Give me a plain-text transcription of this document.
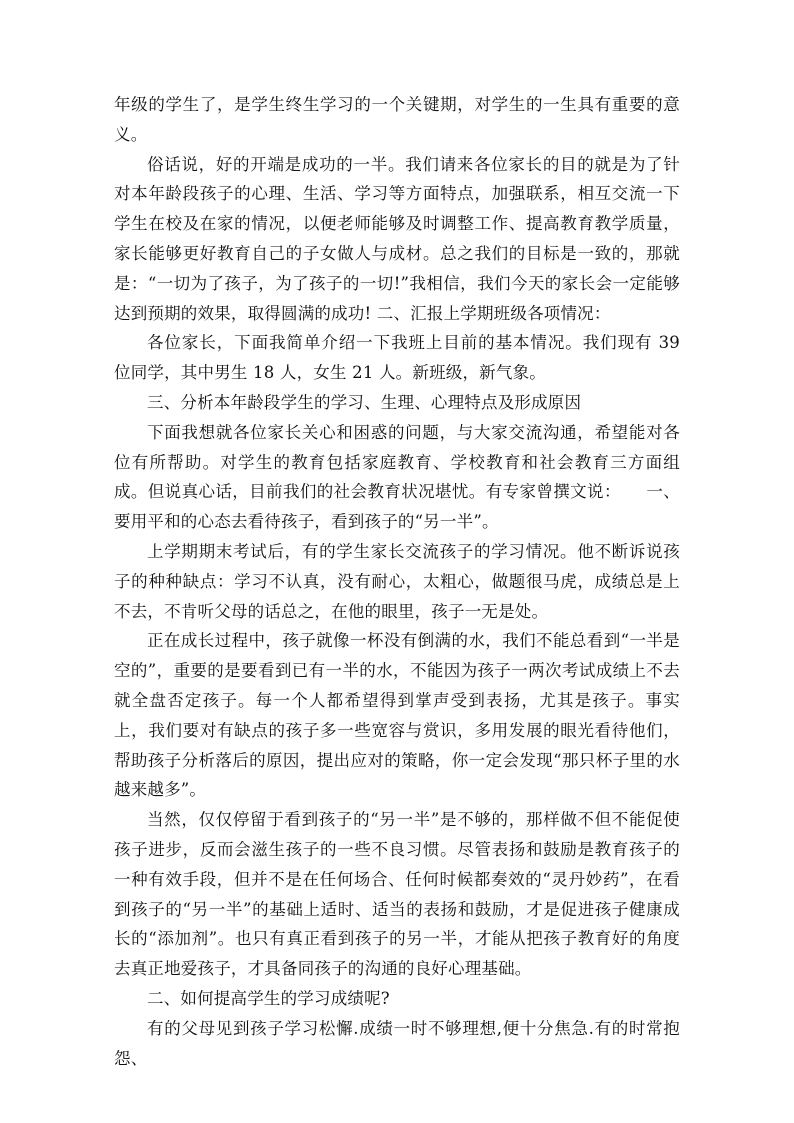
年级的学生了，是学生终生学习的一个关键期，对学生的一生具有重要的意义。

俗话说，好的开端是成功的一半。我们请来各位家长的目的就是为了针对本年龄段孩子的心理、生活、学习等方面特点，加强联系，相互交流一下学生在校及在家的情况，以便老师能够及时调整工作、提高教育教学质量，家长能够更好教育自己的子女做人与成材。总之我们的目标是一致的，那就是：“一切为了孩子，为了孩子的一切!”我相信，我们今天的家长会一定能够达到预期的效果，取得圆满的成功! 二、汇报上学期班级各项情况：

各位家长，下面我简单介绍一下我班上目前的基本情况。我们现有 39 位同学，其中男生 18 人，女生 21 人。新班级，新气象。

三、分析本年龄段学生的学习、生理、心理特点及形成原因

下面我想就各位家长关心和困惑的问题，与大家交流沟通，希望能对各位有所帮助。对学生的教育包括家庭教育、学校教育和社会教育三方面组成。但说真心话，目前我们的社会教育状况堪忧。有专家曾撰文说：　　一、要用平和的心态去看待孩子，看到孩子的“另一半”。

上学期期末考试后，有的学生家长交流孩子的学习情况。他不断诉说孩子的种种缺点：学习不认真，没有耐心，太粗心，做题很马虎，成绩总是上不去，不肯听父母的话总之，在他的眼里，孩子一无是处。

正在成长过程中，孩子就像一杯没有倒满的水，我们不能总看到“一半是空的”，重要的是要看到已有一半的水，不能因为孩子一两次考试成绩上不去就全盘否定孩子。每一个人都希望得到掌声受到表扬，尤其是孩子。事实上，我们要对有缺点的孩子多一些宽容与赏识，多用发展的眼光看待他们，帮助孩子分析落后的原因，提出应对的策略，你一定会发现“那只杯子里的水越来越多”。

当然，仅仅停留于看到孩子的“另一半”是不够的，那样做不但不能促使孩子进步，反而会滋生孩子的一些不良习惯。尽管表扬和鼓励是教育孩子的一种有效手段，但并不是在任何场合、任何时候都奏效的“灵丹妙药”，在看到孩子的“另一半”的基础上适时、适当的表扬和鼓励，才是促进孩子健康成长的“添加剂”。也只有真正看到孩子的另一半，才能从把孩子教育好的角度去真正地爱孩子，才具备同孩子的沟通的良好心理基础。

二、如何提高学生的学习成绩呢?

有的父母见到孩子学习松懈.成绩一时不够理想,便十分焦急.有的时常抱怨、
